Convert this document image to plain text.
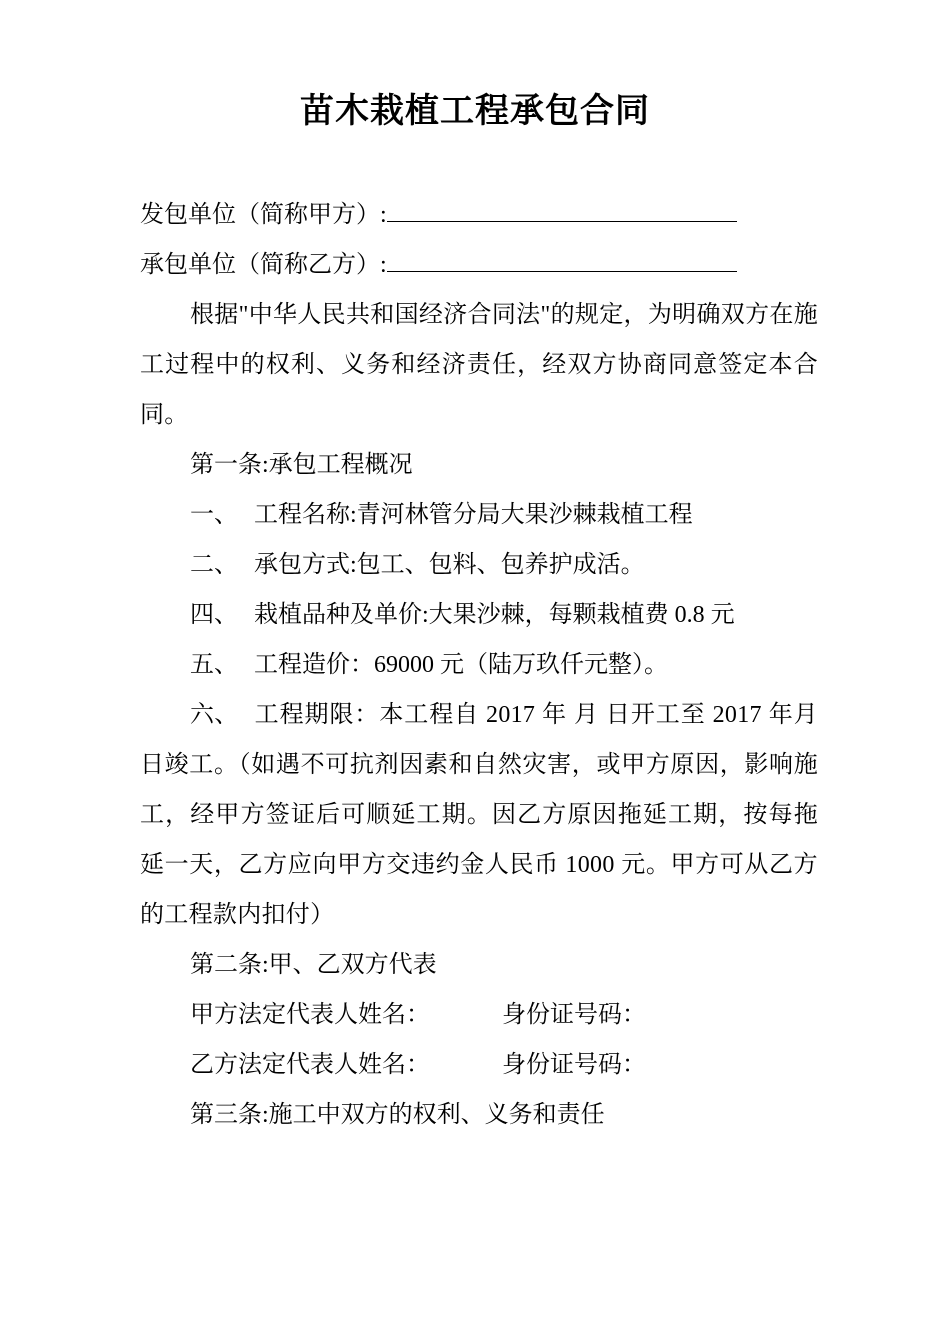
苗木栽植工程承包合同
发包单位（简称甲方）:
承包单位（简称乙方）:
根据"中华人民共和国经济合同法"的规定，为明确双方在施工过程中的权利、义务和经济责任，经双方协商同意签定本合同。
第一条:承包工程概况
一、 工程名称:青河林管分局大果沙棘栽植工程
二、 承包方式:包工、包料、包养护成活。
四、 栽植品种及单价:大果沙棘，每颗栽植费 0.8 元
五、 工程造价：69000 元（陆万玖仟元整）。
六、 工程期限：本工程自 2017 年 月 日开工至 2017 年月 日竣工。（如遇不可抗剂因素和自然灾害，或甲方原因，影响施工，经甲方签证后可顺延工期。因乙方原因拖延工期，按每拖延一天，乙方应向甲方交违约金人民币 1000 元。甲方可从乙方的工程款内扣付）
第二条:甲、乙双方代表
甲方法定代表人姓名：	身份证号码：
乙方法定代表人姓名：	身份证号码：
第三条:施工中双方的权利、义务和责任
